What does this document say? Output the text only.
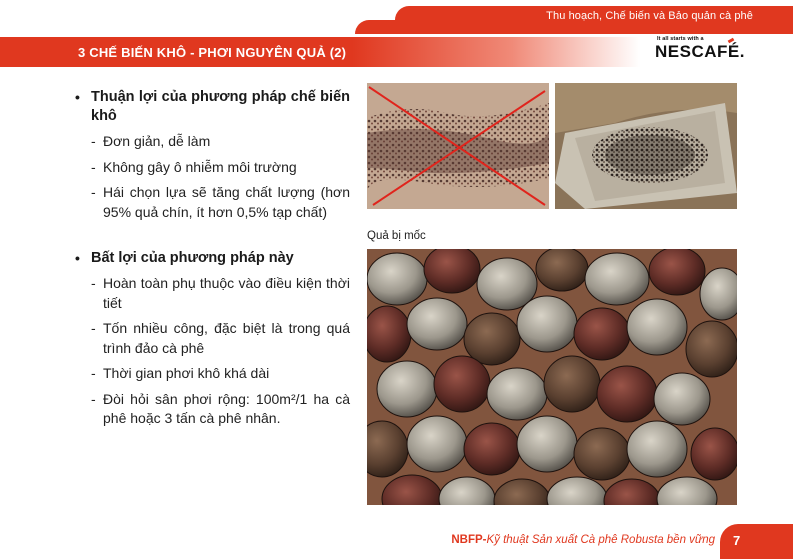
Thu hoạch, Chế biến và Bảo quản cà phê
3 CHẾ BIẾN KHÔ - PHƠI NGUYÊN QUẢ (2)
It all starts with a
NESCAFÉ.
• Thuận lợi của phương pháp chế biến khô
- Đơn giản, dễ làm
- Không gây ô nhiễm môi trường
- Hái chọn lựa sẽ tăng chất lượng (hơn 95% quả chín, ít hơn 0,5% tạp chất)
• Bất lợi của phương pháp này
- Hoàn toàn phụ thuộc vào điều kiện thời tiết
- Tốn nhiều công, đặc biệt là trong quá trình đảo cà phê
- Thời gian phơi khô khá dài
- Đòi hỏi sân phơi rộng: 100m²/1 ha cà phê hoặc 3 tấn cà phê nhân.
Quả bị mốc
NBFP-Kỹ thuật Sản xuất Cà phê Robusta bền vững 7
